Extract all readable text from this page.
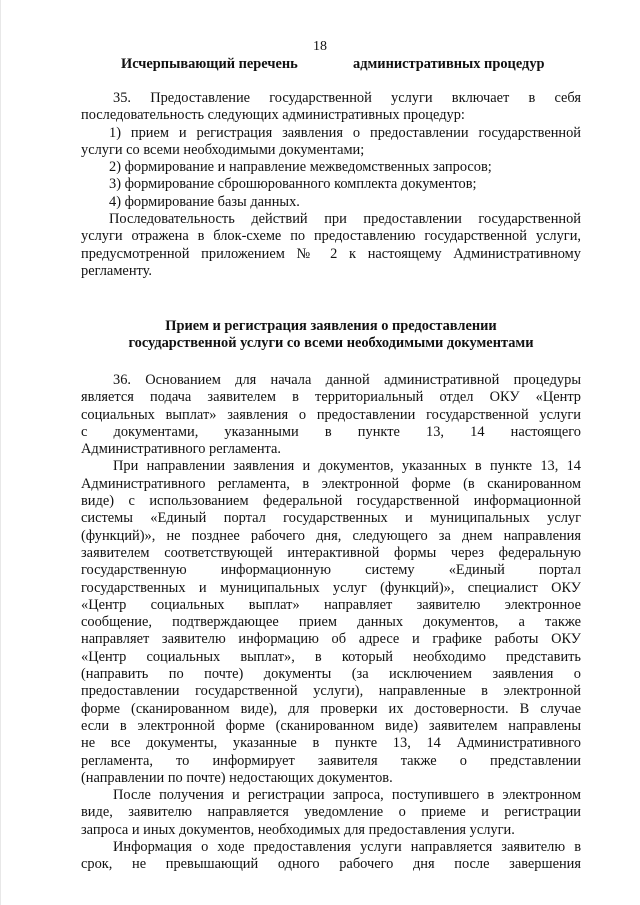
18
Исчерпывающий перечень	административных процедур
35. Предоставление государственной услуги включает в себя
последовательность следующих административных процедур:
1) прием и регистрация заявления о предоставлении государственной
услуги со всеми необходимыми документами;
2) формирование и направление межведомственных запросов;
3) формирование сброшюрованного комплекта документов;
4) формирование базы данных.
Последовательность действий при предоставлении государственной
услуги отражена в блок-схеме по предоставлению государственной услуги,
предусмотренной приложением № 2 к настоящему Административному
регламенту.
Прием и регистрация заявления о предоставлении
государственной услуги со всеми необходимыми документами
36. Основанием для начала данной административной процедуры
является подача заявителем в территориальный отдел ОКУ «Центр
социальных выплат» заявления о предоставлении государственной услуги
с документами, указанными в пункте 13, 14 настоящего
Административного регламента.
При направлении заявления и документов, указанных в пункте 13, 14
Административного регламента, в электронной форме (в сканированном
виде) с использованием федеральной государственной информационной
системы «Единый портал государственных и муниципальных услуг
(функций)», не позднее рабочего дня, следующего за днем направления
заявителем соответствующей интерактивной формы через федеральную
государственную информационную систему «Единый портал
государственных и муниципальных услуг (функций)», специалист ОКУ
«Центр социальных выплат» направляет заявителю электронное
сообщение, подтверждающее прием данных документов, а также
направляет заявителю информацию об адресе и графике работы ОКУ
«Центр социальных выплат», в который необходимо представить
(направить по почте) документы (за исключением заявления о
предоставлении государственной услуги), направленные в электронной
форме (сканированном виде), для проверки их достоверности. В случае
если в электронной форме (сканированном виде) заявителем направлены
не все документы, указанные в пункте 13, 14 Административного
регламента, то информирует заявителя также о представлении
(направлении по почте) недостающих документов.
После получения и регистрации запроса, поступившего в электронном
виде, заявителю направляется уведомление о приеме и регистрации
запроса и иных документов, необходимых для предоставления услуги.
Информация о ходе предоставления услуги направляется заявителю в
срок, не превышающий одного рабочего дня после завершения
